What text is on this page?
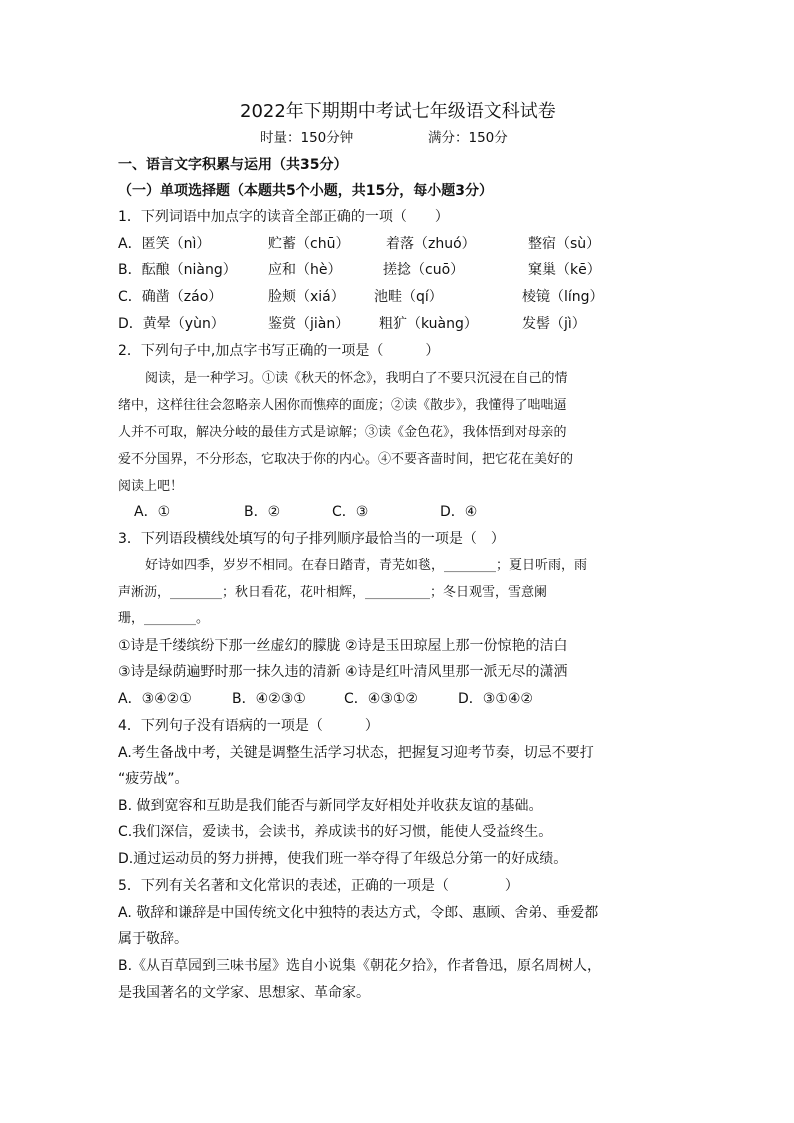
2022年下期期中考试七年级语文科试卷
时量：150分钟	满分：150分
一、语言文字积累与运用（共35分）
（一）单项选择题（本题共5个小题，共15分，每小题3分）
1．下列词语中加点字的读音全部正确的一项（　　）
A．匿笑（nì）	贮蓄（chū）	着落（zhuó）	整宿（sù）
B．酝酿（niàng） 应和（hè）	搓捻（cuō）	窠巢（kē）
C．确凿（záo）	脸颊（xiá） 池畦（qí）	棱镜（líng）
D．黄晕（yùn）	鉴赏（jiàn） 粗犷（kuàng）	发髻（jì）
2．下列句子中,加点字书写正确的一项是（　　　）
　阅读，是一种学习。①读《秋天的怀念》，我明白了不要只沉浸在自己的情
绪中，这样往往会忽略亲人困你而憔瘁的面庞；②读《散步》，我懂得了咄咄逼
人并不可取，解决分岐的最佳方式是谅解；③读《金色花》，我体悟到对母亲的
爱不分国界，不分形态，它取决于你的内心。④不要吝啬时间，把它花在美好的
阅读上吧！
A．①	B．②	C．③	D．④
3．下列语段横线处填写的句子排列顺序最恰当的一项是（　）
　好诗如四季，岁岁不相同。在春日踏青，青芜如毯，________；夏日听雨，雨
声淅沥，________；秋日看花，花叶相辉，__________；冬日观雪，雪意阑
珊，________。
①诗是千缕缤纷下那一丝虚幻的朦胧 ②诗是玉田琼屋上那一份惊艳的洁白
③诗是绿荫遍野时那一抹久违的清新 ④诗是红叶清风里那一派无尽的潇洒
A．③④②①	B．④②③①	C．④③①②	D．③①④②
4．下列句子没有语病的一项是（　　　）
A.考生备战中考，关键是调整生活学习状态，把握复习迎考节奏，切忌不要打
“疲劳战”。
B. 做到宽容和互助是我们能否与新同学友好相处并收获友谊的基础。
C.我们深信，爱读书，会读书，养成读书的好习惯，能使人受益终生。
D.通过运动员的努力拼搏，使我们班一举夺得了年级总分第一的好成绩。
5．下列有关名著和文化常识的表述，正确的一项是（　　　　）
A. 敬辞和谦辞是中国传统文化中独特的表达方式，令郎、惠顾、舍弟、垂爱都
属于敬辞。
B.《从百草园到三味书屋》选自小说集《朝花夕拾》，作者鲁迅，原名周树人，
是我国著名的文学家、思想家、革命家。
